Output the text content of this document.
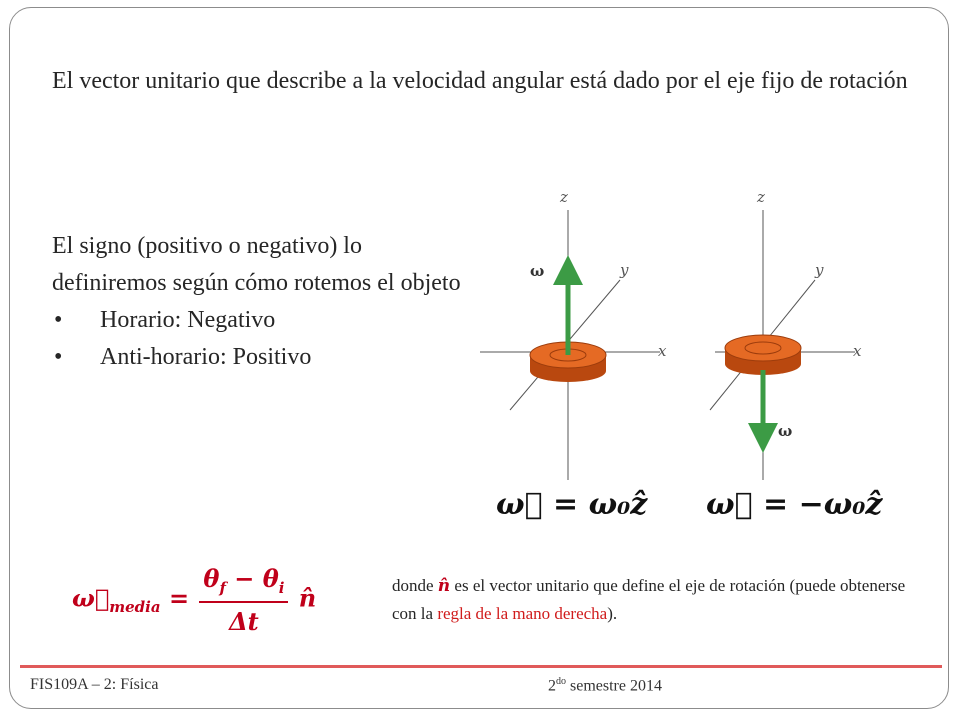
El vector unitario que describe a la velocidad angular está dado por el eje fijo de rotación
El signo (positivo o negativo) lo definiremos según cómo rotemos el objeto
• Horario: Negativo
• Anti-horario: Positivo
z
y
x
ω
z
y
x
ω
ω⃗ = ω₀ẑ ω⃗ = −ω₀ẑ
$\omega⃗_{media} = \frac{\theta_f - \theta_i}{\Delta t}$ n̂	donde n̂ es el vector unitario que define el eje de rotación (puede obtenerse con la regla de la mano derecha).
FIS109A – 2: Física	$2^{do}$ semestre 2014
